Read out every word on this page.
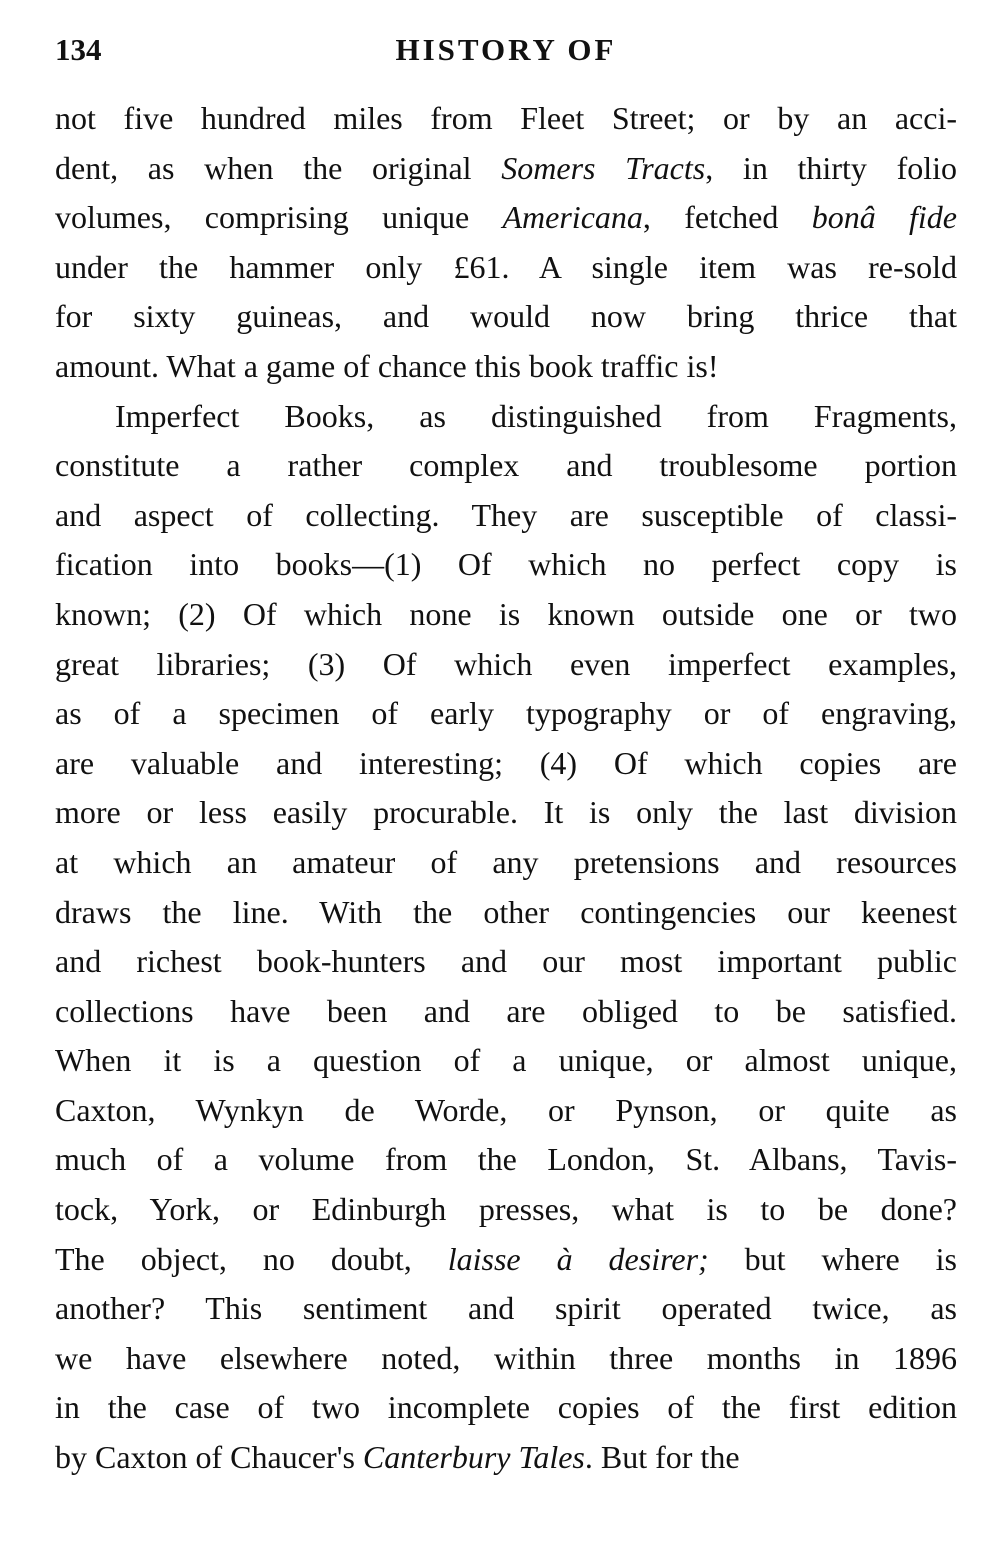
134	HISTORY OF
not five hundred miles from Fleet Street; or by an acci-
dent, as when the original Somers Tracts, in thirty folio
volumes, comprising unique Americana, fetched bonâ fide
under the hammer only £61. A single item was re-sold
for sixty guineas, and would now bring thrice that
amount. What a game of chance this book traffic is!
Imperfect Books, as distinguished from Fragments,
constitute a rather complex and troublesome portion
and aspect of collecting. They are susceptible of classi-
fication into books—(1) Of which no perfect copy is
known; (2) Of which none is known outside one or two
great libraries; (3) Of which even imperfect examples,
as of a specimen of early typography or of engraving,
are valuable and interesting; (4) Of which copies are
more or less easily procurable. It is only the last division
at which an amateur of any pretensions and resources
draws the line. With the other contingencies our keenest
and richest book-hunters and our most important public
collections have been and are obliged to be satisfied.
When it is a question of a unique, or almost unique,
Caxton, Wynkyn de Worde, or Pynson, or quite as
much of a volume from the London, St. Albans, Tavis-
tock, York, or Edinburgh presses, what is to be done?
The object, no doubt, laisse à desirer; but where is
another? This sentiment and spirit operated twice, as
we have elsewhere noted, within three months in 1896
in the case of two incomplete copies of the first edition
by Caxton of Chaucer's Canterbury Tales. But for the
